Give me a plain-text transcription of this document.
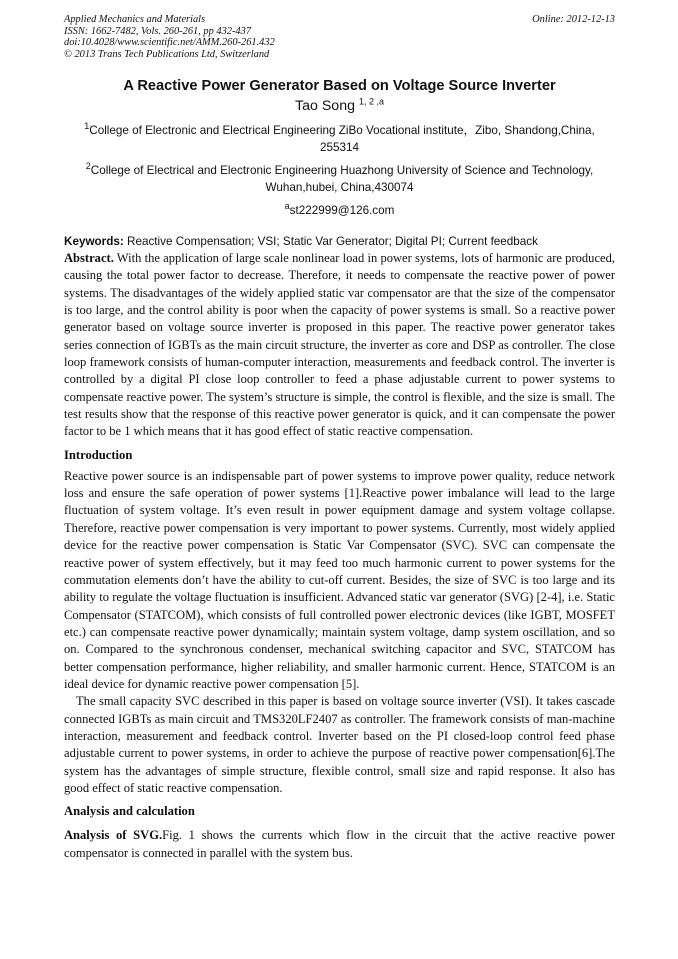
Applied Mechanics and Materials
ISSN: 1662-7482, Vols. 260-261, pp 432-437
doi:10.4028/www.scientific.net/AMM.260-261.432
© 2013 Trans Tech Publications Ltd, Switzerland
Online: 2012-12-13
A Reactive Power Generator Based on Voltage Source Inverter
Tao Song $^{1, 2 ,a}$
$^1$College of Electronic and Electrical Engineering ZiBo Vocational institute，Zibo, Shandong,China, 255314
$^2$College of Electrical and Electronic Engineering Huazhong University of Science and Technology, Wuhan,hubei, China,430074
$^a$st222999@126.com
Keywords: Reactive Compensation; VSI; Static Var Generator; Digital PI; Current feedback

Abstract. With the application of large scale nonlinear load in power systems, lots of harmonic are produced, causing the total power factor to decrease. Therefore, it needs to compensate the reactive power of power systems. The disadvantages of the widely applied static var compensator are that the size of the compensator is too large, and the control ability is poor when the capacity of power systems is small. So a reactive power generator based on voltage source inverter is proposed in this paper. The reactive power generator takes series connection of IGBTs as the main circuit structure, the inverter as core and DSP as controller. The close loop framework consists of human-computer interaction, measurements and feedback control. The inverter is controlled by a digital PI close loop controller to feed a phase adjustable current to power systems to compensate reactive power. The system’s structure is simple, the control is flexible, and the size is small. The test results show that the response of this reactive power generator is quick, and it can compensate the power factor to be 1 which means that it has good effect of static reactive compensation.

Introduction

Reactive power source is an indispensable part of power systems to improve power quality, reduce network loss and ensure the safe operation of power systems [1].Reactive power imbalance will lead to the large fluctuation of system voltage. It’s even result in power equipment damage and system voltage collapse. Therefore, reactive power compensation is very important to power systems. Currently, most widely applied device for the reactive power compensation is Static Var Compensator (SVC). SVC can compensate the reactive power of system effectively, but it may feed too much harmonic current to power systems for the commutation elements don’t have the ability to cut-off current. Besides, the size of SVC is too large and its ability to regulate the voltage fluctuation is insufficient. Advanced static var generator (SVG) [2-4], i.e. Static Compensator (STATCOM), which consists of full controlled power electronic devices (like IGBT, MOSFET etc.) can compensate reactive power dynamically; maintain system voltage, damp system oscillation, and so on. Compared to the synchronous condenser, mechanical switching capacitor and SVC, STATCOM has better compensation performance, higher reliability, and smaller harmonic current. Hence, STATCOM is an ideal device for dynamic reactive power compensation [5].

The small capacity SVC described in this paper is based on voltage source inverter (VSI). It takes cascade connected IGBTs as main circuit and TMS320LF2407 as controller. The framework consists of man-machine interaction, measurement and feedback control. Inverter based on the PI closed-loop control feed phase adjustable current to power systems, in order to achieve the purpose of reactive power compensation[6].The system has the advantages of simple structure, flexible control, small size and rapid response. It also has good effect of static reactive compensation.

Analysis and calculation

Analysis of SVG.Fig. 1 shows the currents which flow in the circuit that the active reactive power compensator is connected in parallel with the system bus.
